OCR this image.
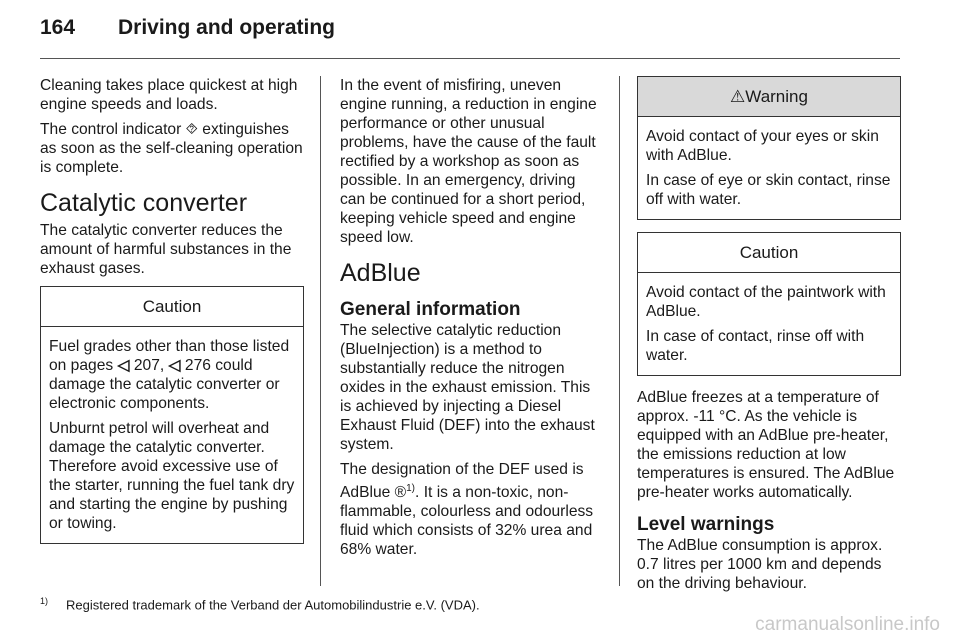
164 Driving and operating

Cleaning takes place quickest at high engine speeds and loads.

The control indicator ⯑ extinguishes as soon as the self-cleaning operation is complete.

Catalytic converter

The catalytic converter reduces the amount of harmful substances in the exhaust gases.

Caution

Fuel grades other than those listed on pages ◁ 207, ◁ 276 could damage the catalytic converter or electronic components.

Unburnt petrol will overheat and damage the catalytic converter. Therefore avoid excessive use of the starter, running the fuel tank dry and starting the engine by pushing or towing.

In the event of misfiring, uneven engine running, a reduction in engine performance or other unusual problems, have the cause of the fault rectified by a workshop as soon as possible. In an emergency, driving can be continued for a short period, keeping vehicle speed and engine speed low.

AdBlue
General information

The selective catalytic reduction (BlueInjection) is a method to substantially reduce the nitrogen oxides in the exhaust emission. This is achieved by injecting a Diesel Exhaust Fluid (DEF) into the exhaust system.

The designation of the DEF used is AdBlue ®$^{1)}$. It is a non-toxic, non-flammable, colourless and odourless fluid which consists of 32% urea and 68% water.

⚠Warning

Avoid contact of your eyes or skin with AdBlue.

In case of eye or skin contact, rinse off with water.

Caution

Avoid contact of the paintwork with AdBlue.

In case of contact, rinse off with water.

AdBlue freezes at a temperature of approx. -11 °C. As the vehicle is equipped with an AdBlue pre-heater, the emissions reduction at low temperatures is ensured. The AdBlue pre-heater works automatically.

Level warnings

The AdBlue consumption is approx. 0.7 litres per 1000 km and depends on the driving behaviour.

$^{1)}$ Registered trademark of the Verband der Automobilindustrie e.V. (VDA).
carmanualsonline.info
